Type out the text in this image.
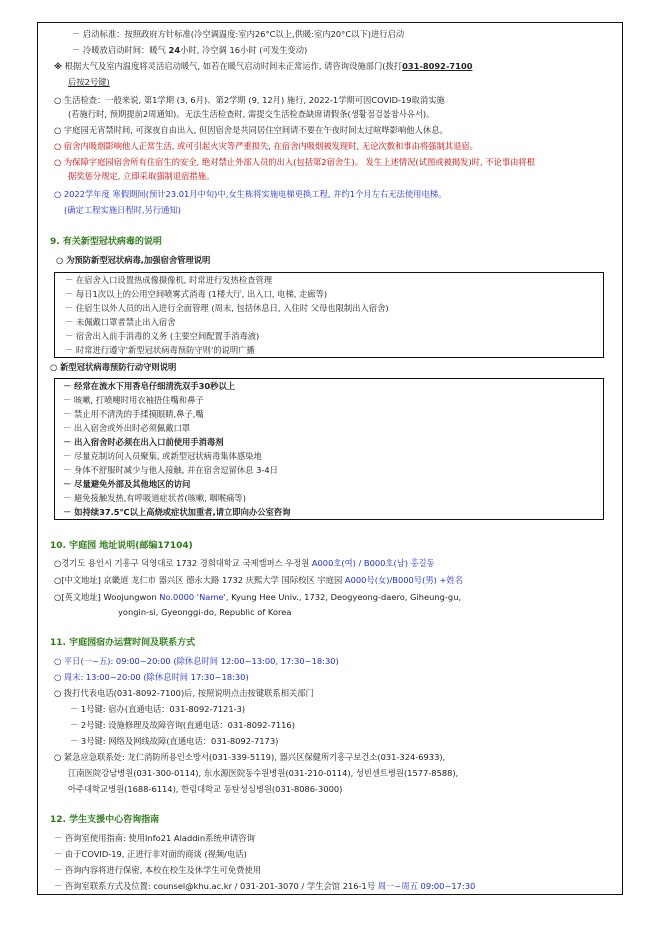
－ 启动标准：按照政府方针标准(冷空调温度:室内26°C以上,供暖:室内20°C以下)进行启动
－ 冷暖放启动时间：暖气 24小时, 冷空调 16小时 (可发生变动)
※ 根据大气及室内温度将灵活启动暖气, 如若在暖气启动时间未正常运作, 请咨询设施部门(拨打031-8092-7100
后按2号键)
○ 生活检查：一般来说, 第1学期 (3, 6月)、第2学期 (9, 12月) 施行, 2022-1学期可因COVID-19取消实施
(若施行时, 预期提前2周通知)。无法生活检查时, 需提交生活检查缺席请假条(생활점검불참사유서)。
○ 宇庭园无宵禁时间, 可深夜自由出入, 但因宿舍是共同居住空间请不要在午夜时间太过喧哗影响他人休息。
○ 宿舍内吸烟影响他人正常生活, 或可引起火灾等严重损失, 在宿舍内吸烟被发现时, 无论次数和事由将强制其退宿。
○ 为保障宇庭园宿舍所有住宿生的安全, 绝对禁止外部人员的出入(包括第2宿舍生)。 发生上述情况(试图或被揭发)时, 不论事由将根
据奖惩分规定, 立即采取强制退宿措施。
○ 2022学年度 寒假期间(预计23.01月中旬)中,女生栋将实施电梯更换工程, 并约1个月左右无法使用电梯。
(确定工程实施日程时,另行通知)
9. 有关新型冠状病毒的说明
○ 为预防新型冠状病毒,加强宿舍管理说明
－ 在宿舍入口设置热成像摄像机, 时常进行发热检查管理
－ 每日1次以上的公用空间喷雾式消毒 (1楼大厅, 出入口, 电梯, 走廊等)
－ 住宿生以外人员的出入进行全面管理 (周末, 包括休息日, 入住时 父母也限制出入宿舍)
－ 未佩戴口罩者禁止出入宿舍
－ 宿舍出入前手消毒的义务 (主要空间配置手消毒液)
－ 时常进行遵守'新型冠状病毒预防守则'的说明广播
○ 新型冠状病毒预防行动守则说明
－ 经常在流水下用香皂仔细清洗双手30秒以上
－ 咳嗽, 打喷嚏时用衣袖捂住嘴和鼻子
－ 禁止用不清洗的手揉摸眼睛,鼻子,嘴
－ 出入宿舍或外出时必须佩戴口罩
－ 出入宿舍时必须在出入口前使用手消毒剂
－ 尽量克制访问人员聚集, 或新型冠状病毒集体感染地
－ 身体不舒服时减少与他人接触, 并在宿舍逗留休息 3-4日
－ 尽量避免外部及其他地区的访问
－ 避免接触发热,有呼吸道症状者(咳嗽, 咽喉痛等)
－ 如持续37.5℃以上高烧或症状加重者,请立即向办公室咨询
10. 宇庭园 地址说明(邮编17104)
○경기도 용인시 기흥구 덕영대로 1732 경희대학교 국제캠퍼스 우정원 A000호(여) / B000호(남) 홍길동
○[中文地址] 京畿道 龙仁市 器兴区 德永大路 1732 庆熙大学 国际校区 宇庭园 A000号(女)/B000号(男) +姓名
○[英文地址] Woojungwon No.0000 'Name', Kyung Hee Univ., 1732, Deogyeong-daero, Giheung-gu,
yongin-si, Gyeonggi-do, Republic of Korea
11. 宇庭园宿办运营时间及联系方式
○ 平日(一~五): 09:00~20:00 (除休息时间 12:00~13:00, 17:30~18:30)
○ 周末: 13:00~20:00 (除休息时间 17:30~18:30)
○ 拨打代表电话(031-8092-7100)后, 按照说明点击按键联系相关部门
－ 1号键: 宿办(直通电话：031-8092-7121-3)
－ 2号键: 设施修理及故障咨询(直通电话：031-8092-7116)
－ 3号键: 网络及网线故障(直通电话：031-8092-7173)
○ 紧急应急联系处: 龙仁消防所용인소방서(031-339-5119), 器兴区保健所기흥구보건소(031-324-6933),
江南医院강남병원(031-300-0114), 东水源医院동수원병원(031-210-0114), 성빈센트병원(1577-8588),
아주대학교병원(1688-6114), 한림대학교 동탄성심병원(031-8086-3000)
12. 学生支援中心咨询指南
－ 咨询室使用指南: 使用Info21 Aladdin系统申请咨询
－ 由于COVID-19, 正进行非对面的商谈 (视频/电话)
－ 咨询内容将进行保密, 本校在校生及休学生可免费使用
－ 咨询室联系方式及位置: counsel@khu.ac.kr / 031-201-3070 / 学生会馆 216-1号 周一~周五 09:00~17:30
